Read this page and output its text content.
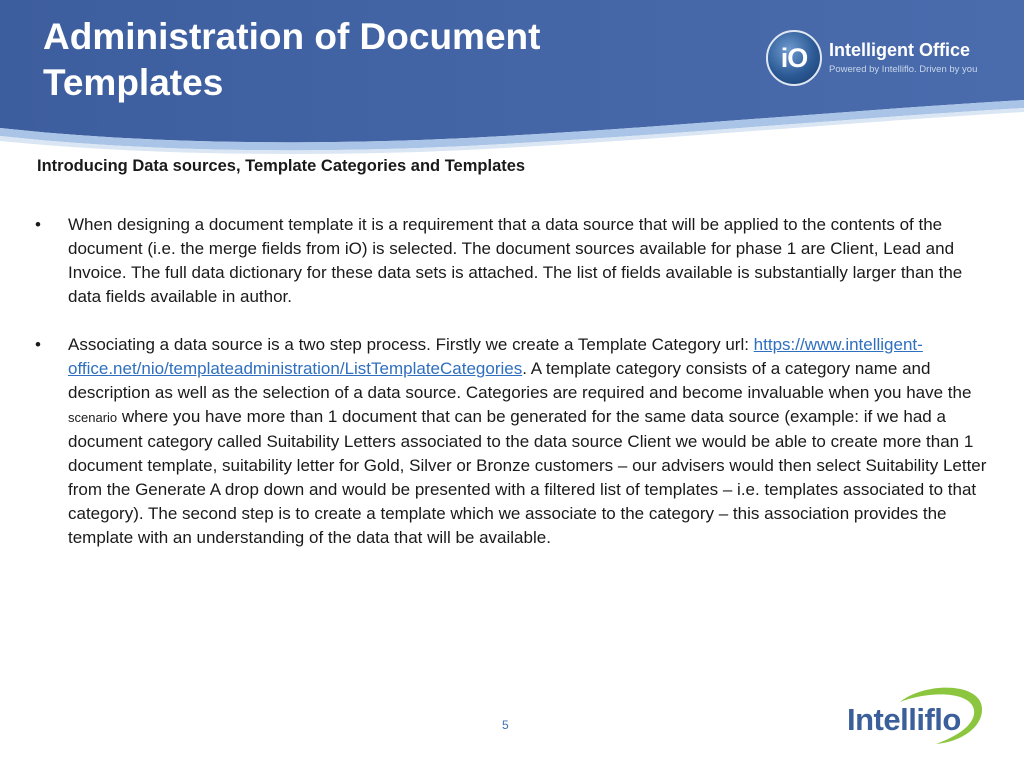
Administration of Document Templates
iO	Intelligent Office
Powered by Intelliflo. Driven by you
Introducing Data sources, Template Categories and Templates
• When designing a document template it is a requirement that a data source that will be applied to the contents of the document (i.e. the merge fields from iO) is selected. The document sources available for phase 1 are Client, Lead and Invoice. The full data dictionary for these data sets is attached. The list of fields available is substantially larger than the data fields available in author.
• Associating a data source is a two step process. Firstly we create a Template Category url: https://www.intelligent-office.net/nio/templateadministration/ListTemplateCategories. A template category consists of a category name and description as well as the selection of a data source. Categories are required and become invaluable when you have the scenario where you have more than 1 document that can be generated for the same data source (example: if we had a document category called Suitability Letters associated to the data source Client we would be able to create more than 1 document template, suitability letter for Gold, Silver or Bronze customers – our advisers would then select Suitability Letter from the Generate A drop down and would be presented with a filtered list of templates – i.e. templates associated to that category). The second step is to create a template which we associate to the category – this association provides the template with an understanding of the data that will be available.
5	Intelliflo
